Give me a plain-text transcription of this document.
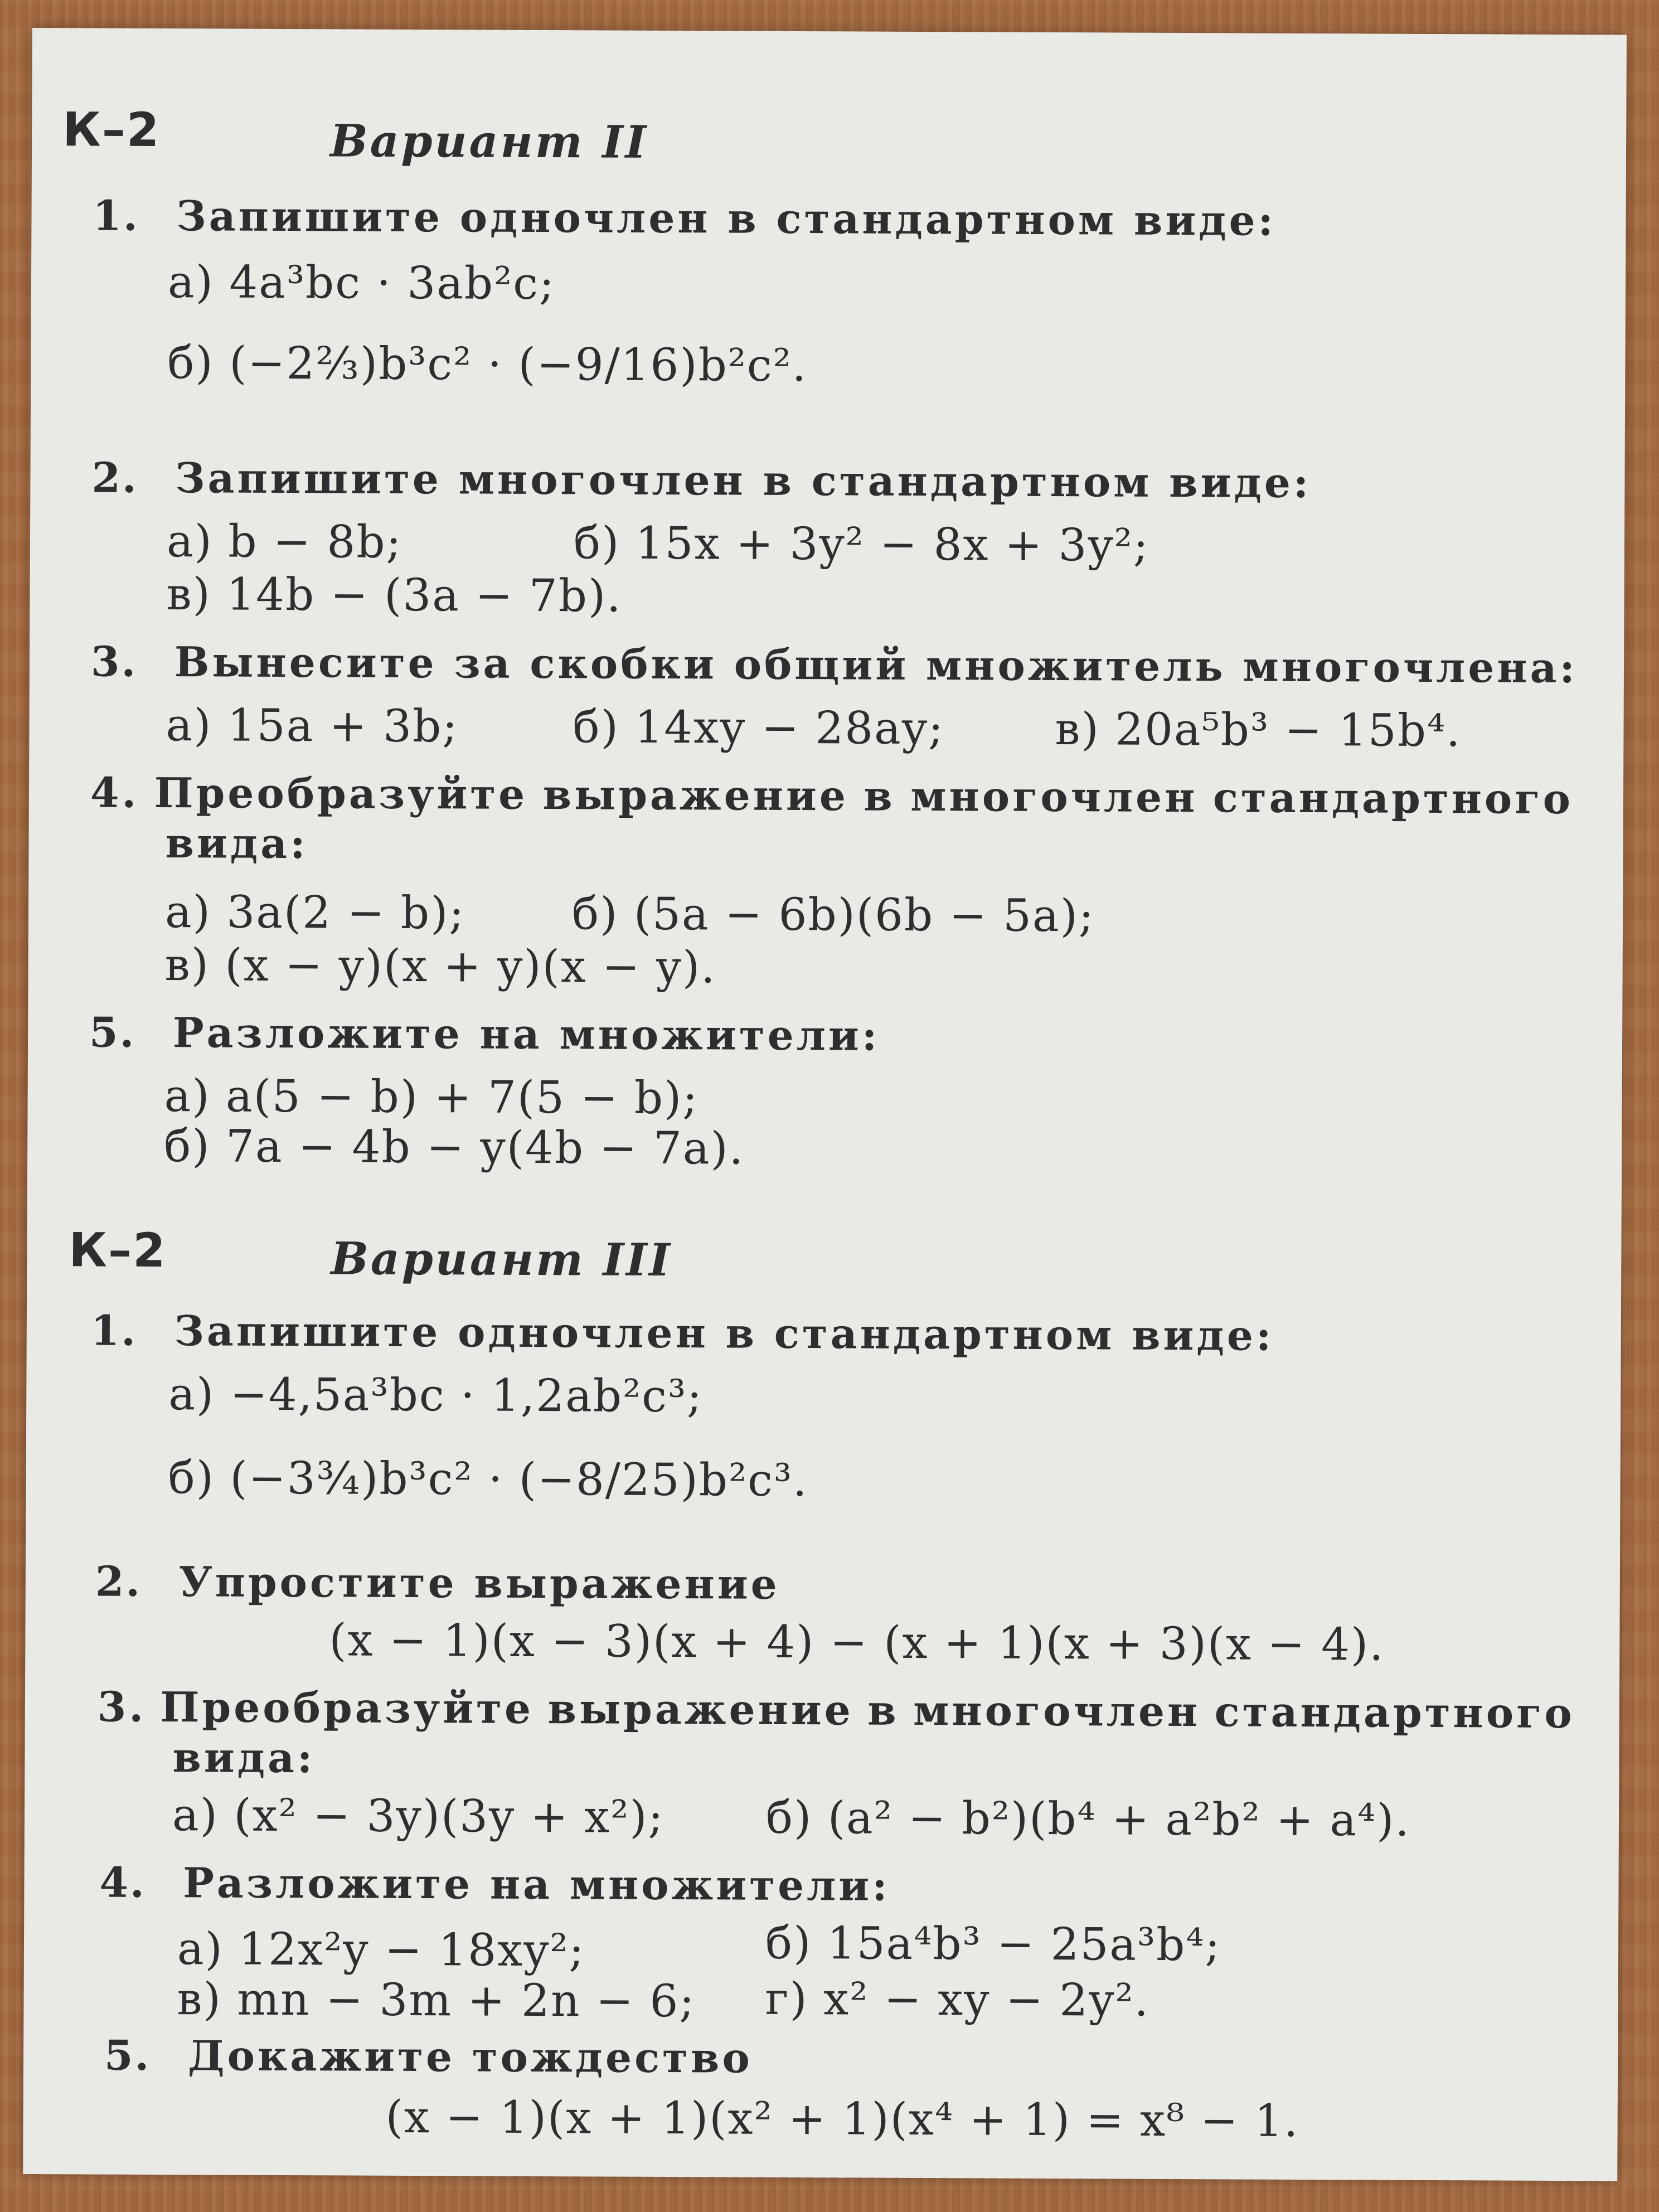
К–2	Вариант II
1. Запишите одночлен в стандартном виде:
а) 4a³bc · 3ab²c;
б) (−2⅔)b³c² · (−9/16)b²c².
2. Запишите многочлен в стандартном виде:
а) b − 8b;	б) 15x + 3y² − 8x + 3y²;
в) 14b − (3a − 7b).
3. Вынесите за скобки общий множитель многочлена:
а) 15a + 3b;	б) 14xy − 28ay; в) 20a⁵b³ − 15b⁴.
4. Преобразуйте выражение в многочлен стандартного
вида:
а) 3a(2 − b); б) (5a − 6b)(6b − 5a);
в) (x − y)(x + y)(x − y).
5. Разложите на множители:
а) a(5 − b) + 7(5 − b);
б) 7a − 4b − y(4b − 7a).
К–2	Вариант III
1. Запишите одночлен в стандартном виде:
а) −4,5a³bc · 1,2ab²c³;
б) (−3¾)b³c² · (−8/25)b²c³.
2. Упростите выражение
(x − 1)(x − 3)(x + 4) − (x + 1)(x + 3)(x − 4).
3. Преобразуйте выражение в многочлен стандартного
вида:
а) (x² − 3y)(3y + x²); б) (a² − b²)(b⁴ + a²b² + a⁴).
4. Разложите на множители:
а) 12x²y − 18xy²;	б) 15a⁴b³ − 25a³b⁴;
в) mn − 3m + 2n − 6; г) x² − xy − 2y².
5. Докажите тождество
(x − 1)(x + 1)(x² + 1)(x⁴ + 1) = x⁸ − 1.
